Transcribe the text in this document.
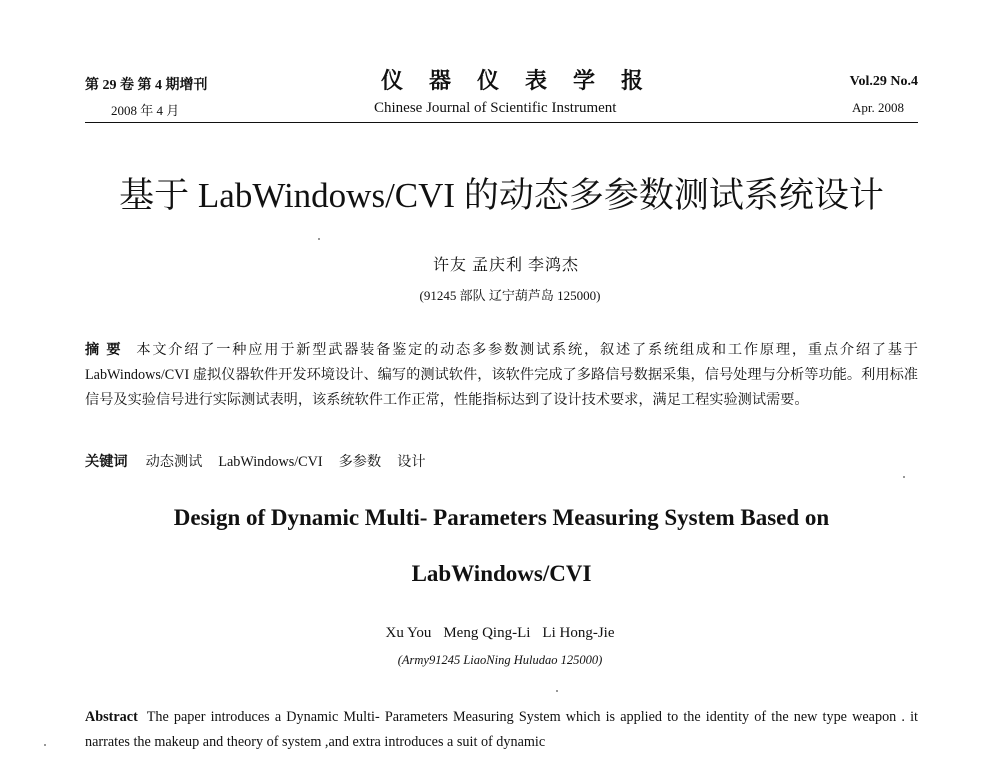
第 29 卷 第 4 期增刊
2008 年 4 月
仪器仪表学报
Chinese Journal of Scientific Instrument
Vol.29 No.4
Apr. 2008
基于 LabWindows/CVI 的动态多参数测试系统设计
许友 孟庆利 李鸿杰
(91245 部队 辽宁葫芦岛 125000)
摘 要 本文介绍了一种应用于新型武器装备鉴定的动态多参数测试系统，叙述了系统组成和工作原理，重点介绍了基于 LabWindows/CVI 虚拟仪器软件开发环境设计、编写的测试软件，该软件完成了多路信号数据采集，信号处理与分析等功能。利用标准信号及实验信号进行实际测试表明，该系统软件工作正常，性能指标达到了设计技术要求，满足工程实验测试需要。
关键词 动态测试 LabWindows/CVI 多参数 设计
Design of Dynamic Multi- Parameters Measuring System Based on
LabWindows/CVI
Xu You Meng Qing-Li Li Hong-Jie
(Army91245 LiaoNing Huludao 125000)
Abstract The paper introduces a Dynamic Multi- Parameters Measuring System which is applied to the identity of the new type weapon . it narrates the makeup and theory of system ,and extra introduces a suit of dynamic
